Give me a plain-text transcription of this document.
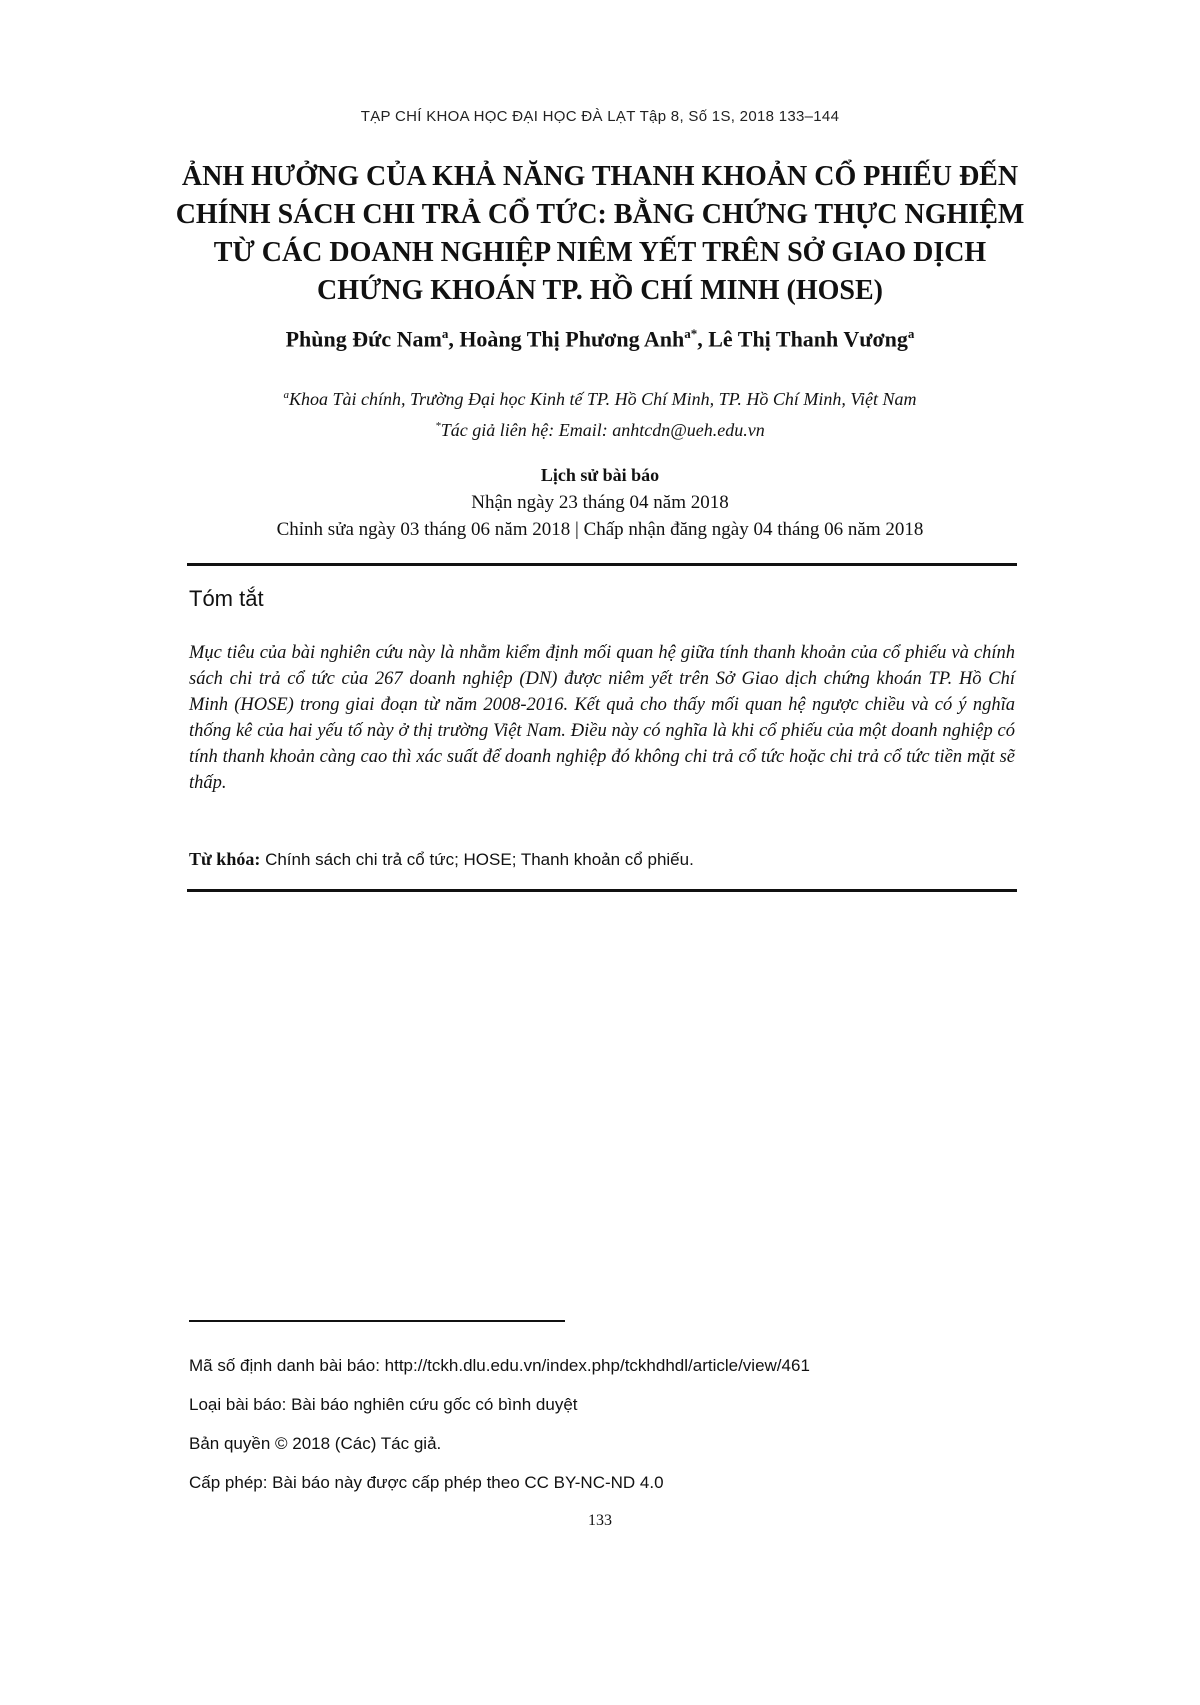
TẠP CHÍ KHOA HỌC ĐẠI HỌC ĐÀ LẠT Tập 8, Số 1S, 2018 133–144
ẢNH HƯỞNG CỦA KHẢ NĂNG THANH KHOẢN CỔ PHIẾU ĐẾN
CHÍNH SÁCH CHI TRẢ CỔ TỨC: BẰNG CHỨNG THỰC NGHIỆM
TỪ CÁC DOANH NGHIỆP NIÊM YẾT TRÊN SỞ GIAO DỊCH
CHỨNG KHOÁN TP. HỒ CHÍ MINH (HOSE)
Phùng Đức Nam$^a$, Hoàng Thị Phương Anh$^{a*}$, Lê Thị Thanh Vương$^a$
$^a$Khoa Tài chính, Trường Đại học Kinh tế TP. Hồ Chí Minh, TP. Hồ Chí Minh, Việt Nam
*Tác giả liên hệ: Email: anhtcdn@ueh.edu.vn
Lịch sử bài báo
Nhận ngày 23 tháng 04 năm 2018
Chỉnh sửa ngày 03 tháng 06 năm 2018 | Chấp nhận đăng ngày 04 tháng 06 năm 2018
Tóm tắt

Mục tiêu của bài nghiên cứu này là nhằm kiểm định mối quan hệ giữa tính thanh khoản của cổ phiếu và chính sách chi trả cổ tức của 267 doanh nghiệp (DN) được niêm yết trên Sở Giao dịch chứng khoán TP. Hồ Chí Minh (HOSE) trong giai đoạn từ năm 2008-2016. Kết quả cho thấy mối quan hệ ngược chiều và có ý nghĩa thống kê của hai yếu tố này ở thị trường Việt Nam. Điều này có nghĩa là khi cổ phiếu của một doanh nghiệp có tính thanh khoản càng cao thì xác suất để doanh nghiệp đó không chi trả cổ tức hoặc chi trả cổ tức tiền mặt sẽ thấp.

Từ khóa: Chính sách chi trả cổ tức; HOSE; Thanh khoản cổ phiếu.
Mã số định danh bài báo: http://tckh.dlu.edu.vn/index.php/tckhdhdl/article/view/461
Loại bài báo: Bài báo nghiên cứu gốc có bình duyệt
Bản quyền © 2018 (Các) Tác giả.
Cấp phép: Bài báo này được cấp phép theo CC BY-NC-ND 4.0
133
